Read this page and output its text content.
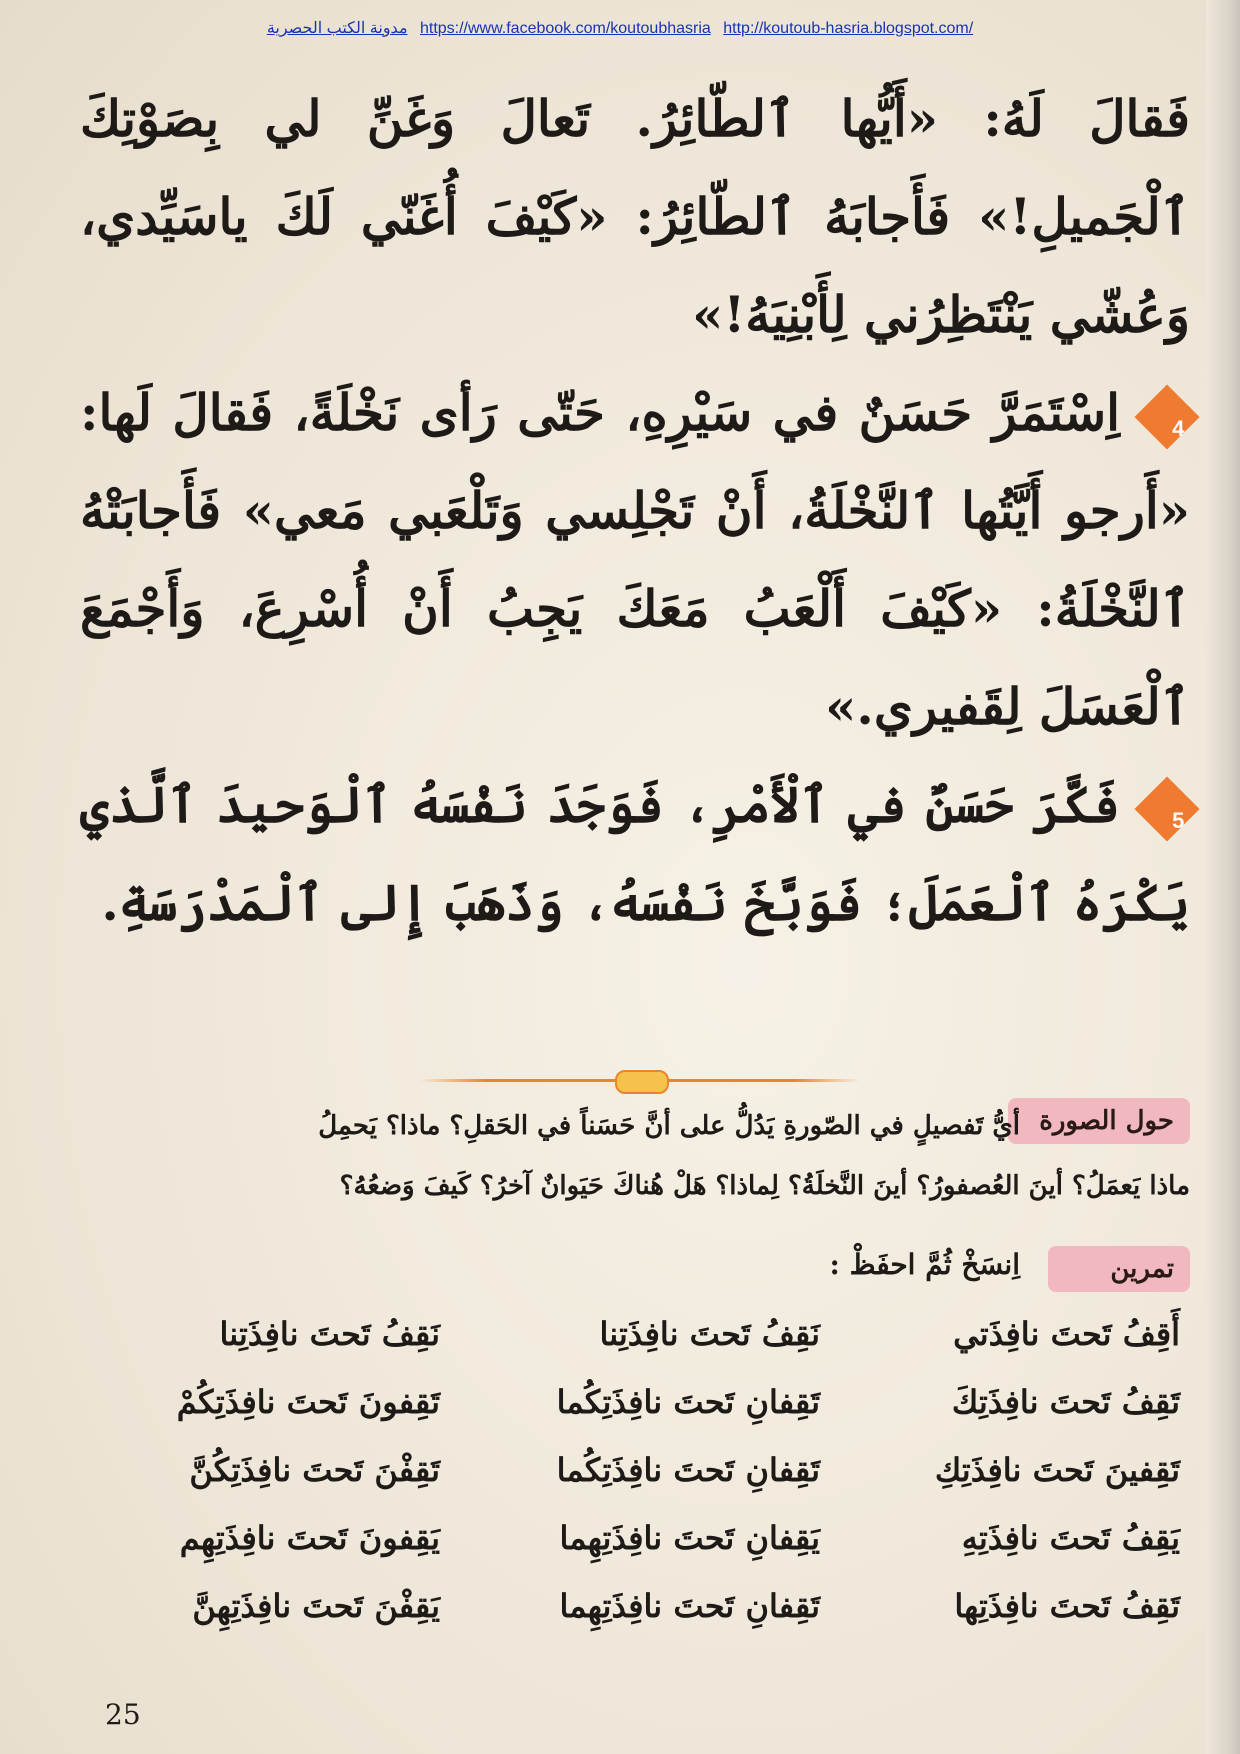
مدونة الكتب الحصرية https://www.facebook.com/koutoubhasria http://koutoub-hasria.blogspot.com/

فَقالَ لَهُ: «أَيُّها ٱلطّائِرُ. تَعالَ وَغَنِّ لي بِصَوْتِكَ ٱلْجَميلِ!» فَأَجابَهُ ٱلطّائِرُ: «كَيْفَ أُغَنّي لَكَ ياسَيِّدي، وَعُشّي يَنْتَظِرُني لِأَبْنِيَهُ!»

4اِسْتَمَرَّ حَسَنٌ في سَيْرِهِ، حَتّى رَأى نَخْلَةً، فَقالَ لَها: «أَرجو أَيَّتُها ٱلنَّخْلَةُ، أَنْ تَجْلِسي وَتَلْعَبي مَعي» فَأَجابَتْهُ ٱلنَّخْلَةُ: «كَيْفَ أَلْعَبُ مَعَكَ يَجِبُ أَنْ أُسْرِعَ، وَأَجْمَعَ ٱلْعَسَلَ لِقَفيري.»

5فَكَّرَ حَسَنٌ في ٱلْأَمْرِ، فَوَجَدَ نَفْسَهُ ٱلْوَحيدَ ٱلَّذي يَكْرَهُ ٱلْعَمَلَ؛ فَوَبَّخَ نَفْسَهُ، وَذَهَبَ إِلى ٱلْمَدْرَسَةِ.

حول الصورة
أيُّ تَفصيلٍ في الصّورةِ يَدُلُّ على أنَّ حَسَناً في الحَقلِ؟ ماذا؟ يَحمِلُ
ماذا يَعمَلُ؟ أينَ العُصفورُ؟ أينَ النَّخلَةُ؟ لِماذا؟ هَلْ هُناكَ حَيَوانٌ آخرُ؟ كَيفَ وَضعُهُ؟
تمرين
اِنسَخْ ثُمَّ احفَظْ :
أَقِفُ تَحتَ نافِذَتي	نَقِفُ تَحتَ نافِذَتِنا	نَقِفُ تَحتَ نافِذَتِنا
تَقِفُ تَحتَ نافِذَتِكَ	تَقِفانِ تَحتَ نافِذَتِكُما	تَقِفونَ تَحتَ نافِذَتِكُمْ
تَقِفينَ تَحتَ نافِذَتِكِ	تَقِفانِ تَحتَ نافِذَتِكُما	تَقِفْنَ تَحتَ نافِذَتِكُنَّ
يَقِفُ تَحتَ نافِذَتِهِ	يَقِفانِ تَحتَ نافِذَتِهِما	يَقِفونَ تَحتَ نافِذَتِهِم
تَقِفُ تَحتَ نافِذَتِها	تَقِفانِ تَحتَ نافِذَتِهِما	يَقِفْنَ تَحتَ نافِذَتِهِنَّ
25
